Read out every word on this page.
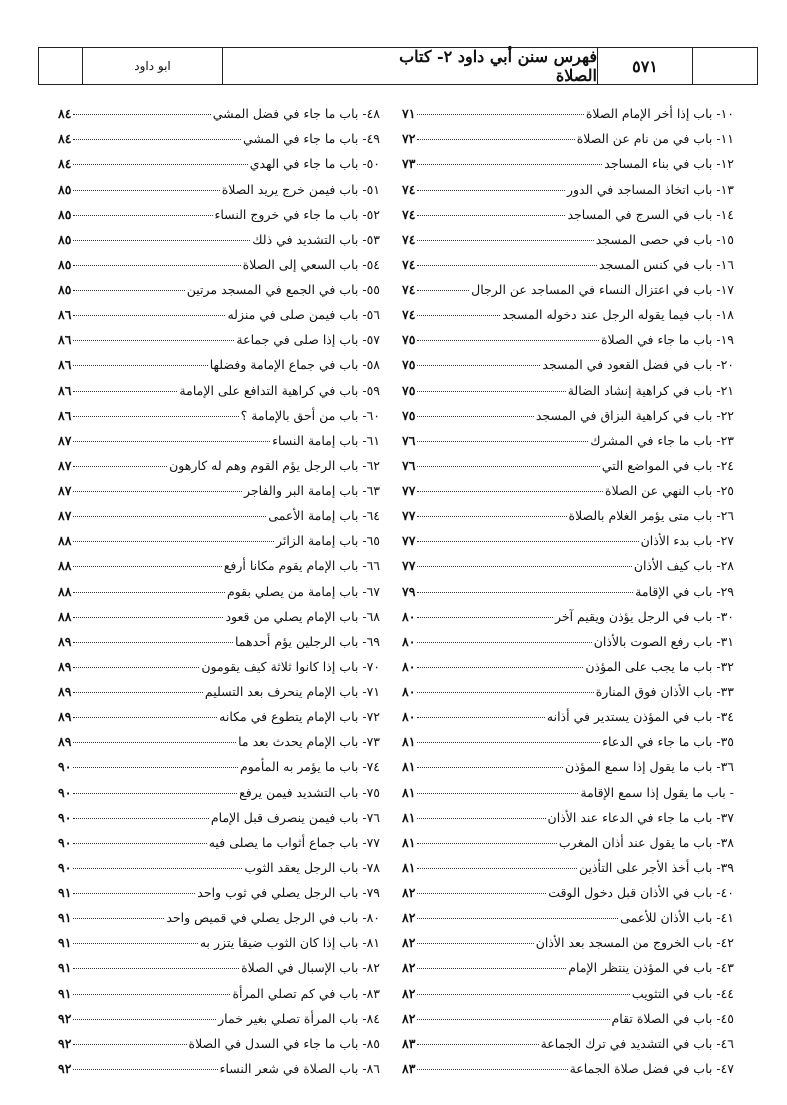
ابو داود	فهرس سنن أبي داود ٢- كتاب الصلاة	٥٧١
٨٤	٤٨- باب ما جاء في فضل المشي
٨٤	٤٩- باب ما جاء في المشي
٨٤	٥٠- باب ما جاء في الهدي
٨٥	٥١- باب فيمن خرج يريد الصلاة
٨٥	٥٢- باب ما جاء في خروج النساء
٨٥	٥٣- باب التشديد في ذلك
٨٥	٥٤- باب السعي إلى الصلاة
٨٥	٥٥- باب في الجمع في المسجد مرتين
٨٦	٥٦- باب فيمن صلى في منزله
٨٦	٥٧- باب إذا صلى في جماعة
٨٦	٥٨- باب في جماع الإمامة وفضلها
٨٦	٥٩- باب في كراهية التدافع على الإمامة
٨٦	٦٠- باب من أحق بالإمامة ؟
٨٧	٦١- باب إمامة النساء
٨٧	٦٢- باب الرجل يؤم القوم وهم له كارهون
٨٧	٦٣- باب إمامة البر والفاجر
٨٧	٦٤- باب إمامة الأعمى
٨٨	٦٥- باب إمامة الزائر
٨٨	٦٦- باب الإمام يقوم مكانا أرفع
٨٨	٦٧- باب إمامة من يصلي بقوم
٨٨	٦٨- باب الإمام يصلي من قعود
٨٩	٦٩- باب الرجلين يؤم أحدهما
٨٩	٧٠- باب إذا كانوا ثلاثة كيف يقومون
٨٩	٧١- باب الإمام ينحرف بعد التسليم
٨٩	٧٢- باب الإمام يتطوع في مكانه
٨٩	٧٣- باب الإمام يحدث بعد ما
٩٠	٧٤- باب ما يؤمر به المأموم
٩٠	٧٥- باب التشديد فيمن يرفع
٩٠	٧٦- باب فيمن ينصرف قبل الإمام
٩٠	٧٧- باب جماع أثواب ما يصلى فيه
٩٠	٧٨- باب الرجل يعقد الثوب
٩١	٧٩- باب الرجل يصلي في ثوب واحد
٩١	٨٠- باب في الرجل يصلي في قميص واحد
٩١	٨١- باب إذا كان الثوب ضيقا يتزر به
٩١	٨٢- باب الإسبال في الصلاة
٩١	٨٣- باب في كم تصلي المرأة
٩٢	٨٤- باب المرأة تصلي بغير خمار
٩٢	٨٥- باب ما جاء في السدل في الصلاة
٩٢	٨٦- باب الصلاة في شعر النساء
٧١	١٠- باب إذا أخر الإمام الصلاة
٧٢	١١- باب في من نام عن الصلاة
٧٣	١٢- باب في بناء المساجد
٧٤	١٣- باب اتخاذ المساجد في الدور
٧٤	١٤- باب في السرج في المساجد
٧٤	١٥- باب في حصى المسجد
٧٤	١٦- باب في كنس المسجد
٧٤	١٧- باب في اعتزال النساء في المساجد عن الرجال
٧٤	١٨- باب فيما يقوله الرجل عند دخوله المسجد
٧٥	١٩- باب ما جاء في الصلاة
٧٥	٢٠- باب في فضل القعود في المسجد
٧٥	٢١- باب في كراهية إنشاد الضالة
٧٥	٢٢- باب في كراهية البزاق في المسجد
٧٦	٢٣- باب ما جاء في المشرك
٧٦	٢٤- باب في المواضع التي
٧٧	٢٥- باب النهي عن الصلاة
٧٧	٢٦- باب متى يؤمر الغلام بالصلاة
٧٧	٢٧- باب بدء الأذان
٧٧	٢٨- باب كيف الأذان
٧٩	٢٩- باب في الإقامة
٨٠	٣٠- باب في الرجل يؤذن ويقيم آخر
٨٠	٣١- باب رفع الصوت بالأذان
٨٠	٣٢- باب ما يجب على المؤذن
٨٠	٣٣- باب الأذان فوق المنارة
٨٠	٣٤- باب في المؤذن يستدير في أذانه
٨١	٣٥- باب ما جاء في الدعاء
٨١	٣٦- باب ما يقول إذا سمع المؤذن
٨١	- باب ما يقول إذا سمع الإقامة
٨١	٣٧- باب ما جاء في الدعاء عند الأذان
٨١	٣٨- باب ما يقول عند أذان المغرب
٨١	٣٩- باب أخذ الأجر على التأذين
٨٢	٤٠- باب في الأذان قبل دخول الوقت
٨٢	٤١- باب الأذان للأعمى
٨٢	٤٢- باب الخروج من المسجد بعد الأذان
٨٢	٤٣- باب في المؤذن ينتظر الإمام
٨٢	٤٤- باب في التثويب
٨٢	٤٥- باب في الصلاة تقام
٨٣	٤٦- باب في التشديد في ترك الجماعة
٨٣	٤٧- باب في فضل صلاة الجماعة
